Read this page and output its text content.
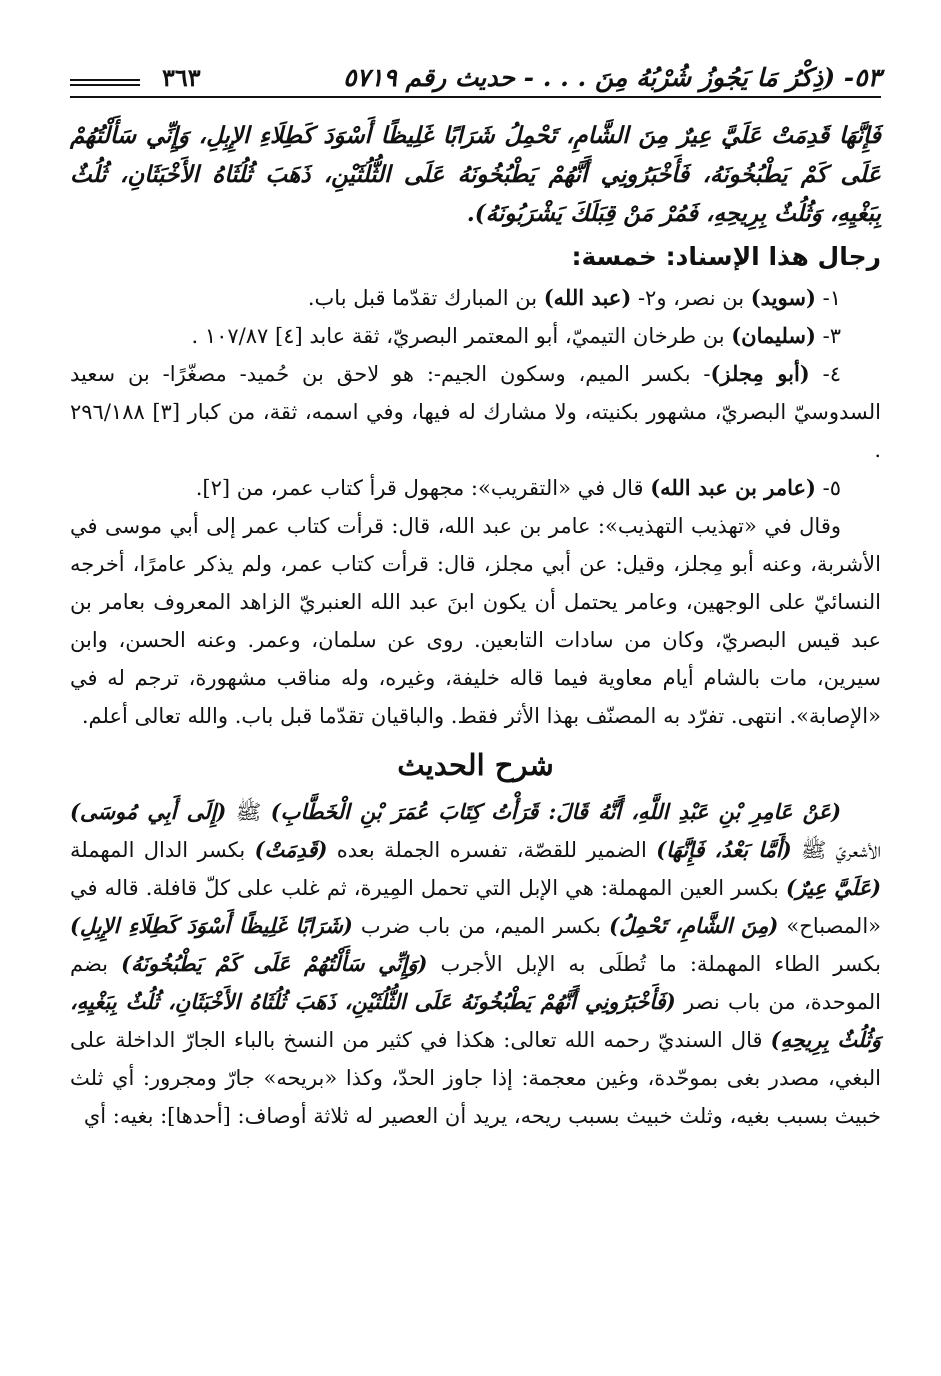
٥٣- (ذِكْرُ مَا يَجُوزُ شُرْبُهُ مِنَ . . . - حديث رقم ٥٧١٩
٣٦٣
فَإِنَّهَا قَدِمَتْ عَلَيَّ عِيرٌ مِنَ الشَّامِ، تَحْمِلُ شَرَابًا غَلِيظًا أَسْوَدَ كَطِلَاءِ الإِبِلِ، وَإِنِّي سَأَلْتُهُمْ عَلَى كَمْ يَطْبُخُونَهُ، فَأَخْبَرُونِي أَنَّهُمْ يَطْبُخُونَهُ عَلَى الثُّلُثَيْنِ، ذَهَبَ ثُلُثَاهُ الأَخْبَثَانِ، ثُلُثٌ بِبَغْيِهِ، وَثُلُثٌ بِرِيحِهِ، فَمُرْ مَنْ قِبَلَكَ يَشْرَبُونَهُ).
رجال هذا الإسناد: خمسة:

١- (سويد) بن نصر، و٢- (عبد الله) بن المبارك تقدّما قبل باب.

٣- (سليمان) بن طرخان التيميّ، أبو المعتمر البصريّ، ثقة عابد [٤] ١٠٧/٨٧ .

٤- (أبو مِجلز)- بكسر الميم، وسكون الجيم-: هو لاحق بن حُميد- مصغّرًا- بن سعيد السدوسيّ البصريّ، مشهور بكنيته، ولا مشارك له فيها، وفي اسمه، ثقة، من كبار [٣] ٢٩٦/١٨٨ .

٥- (عامر بن عبد الله) قال في «التقريب»: مجهول قرأ كتاب عمر، من [٢].

وقال في «تهذيب التهذيب»: عامر بن عبد الله، قال: قرأت كتاب عمر إلى أبي موسى في الأشربة، وعنه أبو مِجلز، وقيل: عن أبي مجلز، قال: قرأت كتاب عمر، ولم يذكر عامرًا، أخرجه النسائيّ على الوجهين، وعامر يحتمل أن يكون ابنَ عبد الله العنبريّ الزاهد المعروف بعامر بن عبد قيس البصريّ، وكان من سادات التابعين. روى عن سلمان، وعمر. وعنه الحسن، وابن سيرين، مات بالشام أيام معاوية فيما قاله خليفة، وغيره، وله مناقب مشهورة، ترجم له في «الإصابة». انتهى. تفرّد به المصنّف بهذا الأثر فقط. والباقيان تقدّما قبل باب. والله تعالى أعلم.

شرح الحديث

(عَنْ عَامِرِ بْنِ عَبْدِ اللَّهِ، أَنَّهُ قَالَ: قَرَأْتُ كِتَابَ عُمَرَ بْنِ الْخَطَّابِ) ﷺ (إِلَى أَبِي مُوسَى) الأشعريّ ﷺ (أَمَّا بَعْدُ، فَإِنَّهَا) الضمير للقصّة، تفسره الجملة بعده (قَدِمَتْ) بكسر الدال المهملة (عَلَيَّ عِيرٌ) بكسر العين المهملة: هي الإبل التي تحمل المِيرة، ثم غلب على كلّ قافلة. قاله في «المصباح» (مِنَ الشَّامِ، تَحْمِلُ) بكسر الميم، من باب ضرب (شَرَابًا غَلِيظًا أَسْوَدَ كَطِلَاءِ الإِبِلِ) بكسر الطاء المهملة: ما تُطلَى به الإبل الأجرب (وَإِنِّي سَأَلْتُهُمْ عَلَى كَمْ يَطْبُخُونَهُ) بضم الموحدة، من باب نصر (فَأَخْبَرُونِي أَنَّهُمْ يَطْبُخُونَهُ عَلَى الثُّلُثَيْنِ، ذَهَبَ ثُلُثَاهُ الأَخْبَثَانِ، ثُلُثٌ بِبَغْيِهِ، وَثُلُثٌ بِرِيحِهِ) قال السنديّ رحمه الله تعالى: هكذا في كثير من النسخ بالباء الجارّ الداخلة على البغي، مصدر بغى بموحّدة، وغين معجمة: إذا جاوز الحدّ، وكذا «بريحه» جارّ ومجرور: أي ثلث خبيث بسبب بغيه، وثلث خبيث بسبب ريحه، يريد أن العصير له ثلاثة أوصاف: [أحدها]: بغيه: أي
